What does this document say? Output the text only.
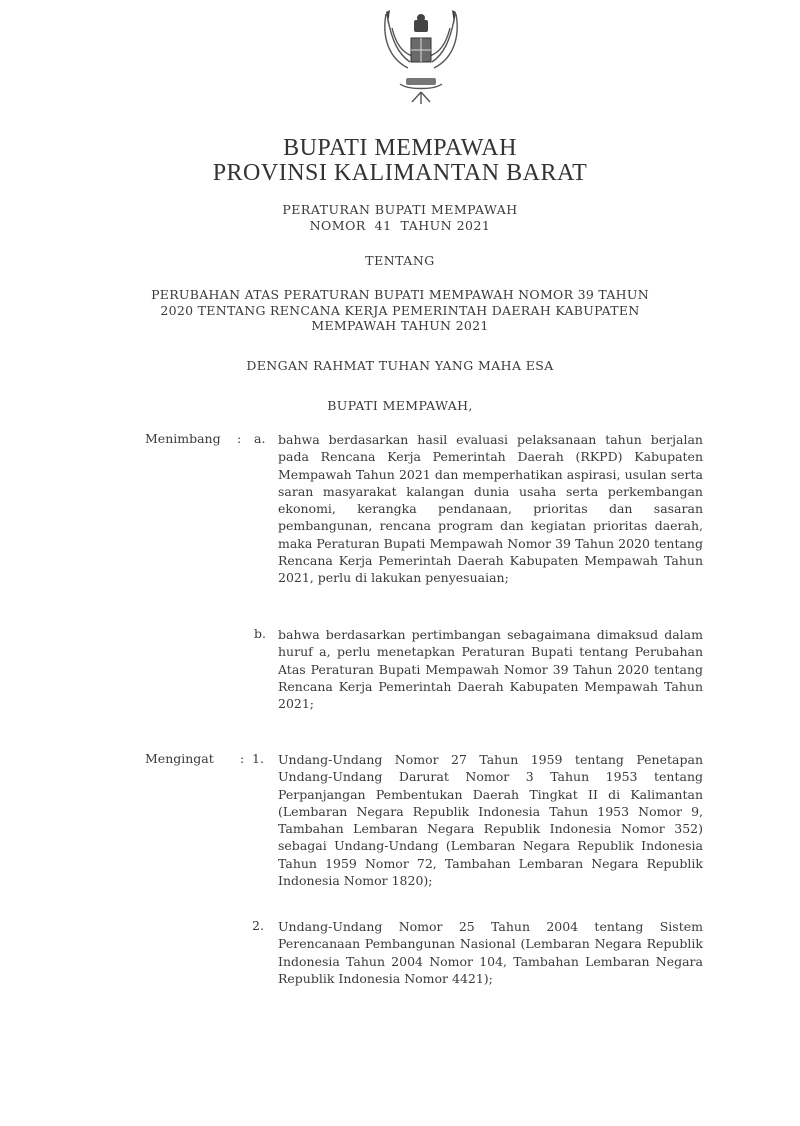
BUPATI MEMPAWAH
PROVINSI KALIMANTAN BARAT
PERATURAN BUPATI MEMPAWAH
NOMOR  41  TAHUN 2021
TENTANG
PERUBAHAN ATAS PERATURAN BUPATI MEMPAWAH NOMOR 39 TAHUN 2020 TENTANG RENCANA KERJA PEMERINTAH DAERAH KABUPATEN MEMPAWAH TAHUN 2021
DENGAN RAHMAT TUHAN YANG MAHA ESA
BUPATI MEMPAWAH,
Menimbang : a. bahwa berdasarkan hasil evaluasi pelaksanaan tahun berjalan pada Rencana Kerja Pemerintah Daerah (RKPD) Kabupaten Mempawah Tahun 2021 dan memperhatikan aspirasi, usulan serta saran masyarakat kalangan dunia usaha serta perkembangan ekonomi, kerangka pendanaan, prioritas dan sasaran pembangunan, rencana program dan kegiatan prioritas daerah, maka Peraturan Bupati Mempawah Nomor 39 Tahun 2020 tentang Rencana Kerja Pemerintah Daerah Kabupaten Mempawah Tahun 2021, perlu di lakukan penyesuaian;
b. bahwa berdasarkan pertimbangan sebagaimana dimaksud dalam huruf a, perlu menetapkan Peraturan Bupati tentang Perubahan Atas Peraturan Bupati Mempawah Nomor 39 Tahun 2020 tentang Rencana Kerja Pemerintah Daerah Kabupaten Mempawah Tahun 2021;
Mengingat : 1. Undang-Undang Nomor 27 Tahun 1959 tentang Penetapan Undang-Undang Darurat Nomor 3 Tahun 1953 tentang Perpanjangan Pembentukan Daerah Tingkat II di Kalimantan (Lembaran Negara Republik Indonesia Tahun 1953 Nomor 9, Tambahan Lembaran Negara Republik Indonesia Nomor 352) sebagai Undang-Undang (Lembaran Negara Republik Indonesia Tahun 1959 Nomor 72, Tambahan Lembaran Negara Republik Indonesia Nomor 1820);
2. Undang-Undang Nomor 25 Tahun 2004 tentang Sistem Perencanaan Pembangunan Nasional (Lembaran Negara Republik Indonesia Tahun 2004 Nomor 104, Tambahan Lembaran Negara Republik Indonesia Nomor 4421);
